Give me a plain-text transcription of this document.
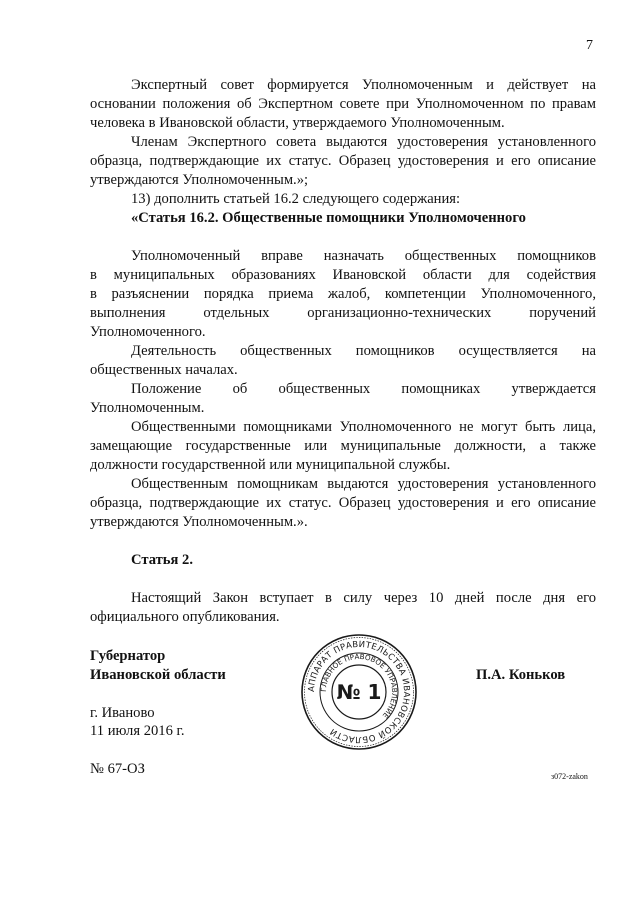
7
Экспертный совет формируется Уполномоченным и действует на
основании положения об Экспертном совете при Уполномоченном по правам
человека в Ивановской области, утверждаемого Уполномоченным.
Членам Экспертного совета выдаются удостоверения установленного
образца, подтверждающие их статус. Образец удостоверения и его описание
утверждаются Уполномоченным.»;
13) дополнить статьей 16.2 следующего содержания:
«Статья 16.2. Общественные помощники Уполномоченного
Уполномоченный вправе назначать общественных помощников
в муниципальных образованиях Ивановской области для содействия
в разъяснении порядка приема жалоб, компетенции Уполномоченного,
выполнения отдельных организационно-технических поручений
Уполномоченного.
Деятельность общественных помощников осуществляется на
общественных началах.
Положение об общественных помощниках утверждается
Уполномоченным.
Общественными помощниками Уполномоченного не могут быть лица,
замещающие государственные или муниципальные должности, а также
должности государственной или муниципальной службы.
Общественным помощникам выдаются удостоверения установленного
образца, подтверждающие их статус. Образец удостоверения и его описание
утверждаются Уполномоченным.».
Статья 2.
Настоящий Закон вступает в силу через 10 дней после дня его
официального опубликования.
Губернатор
Ивановской области	П.А. Коньков
г. Иваново
11 июля 2016 г.
№ 67-ОЗ	з072-zakon
АППАРАТ ПРАВИТЕЛЬСТВА ИВАНОВСКОЙ ОБЛАСТИ
ГЛАВНОЕ ПРАВОВОЕ УПРАВЛЕНИЕ
№ 1
